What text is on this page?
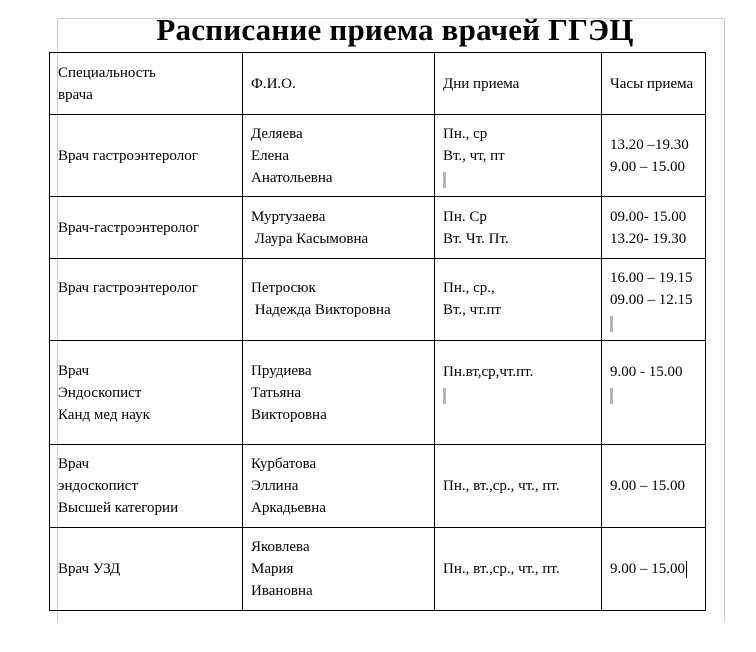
Расписание приема врачей ГГЭЦ
Специальность
врача	Ф.И.О.	Дни приема	Часы приема

Врач гастроэнтеролог	Деляева
Елена
Анатольевна	Пн., ср
Вт., чт, пт	13.20 –19.30
9.00 – 15.00

Врач-гастроэнтеролог	Муртузаева
Лаура Касымовна	Пн. Ср
Вт. Чт. Пт.	09.00- 15.00
13.20- 19.30

Врач гастроэнтеролог	Петросюк
Надежда Викторовна	Пн., ср.,
Вт., чт.пт	16.00 – 19.15
09.00 – 12.15

Врач
Эндоскопист
Канд мед наук	Прудиева
Татьяна
Викторовна	Пн.вт,ср,чт.пт.	9.00 - 15.00

Врач
эндоскопист
Высшей категории	Курбатова
Эллина
Аркадьевна	Пн., вт.,ср., чт., пт.	9.00 – 15.00

Врач УЗД	Яковлева
Мария
Ивановна	Пн., вт.,ср., чт., пт.	9.00 – 15.00
